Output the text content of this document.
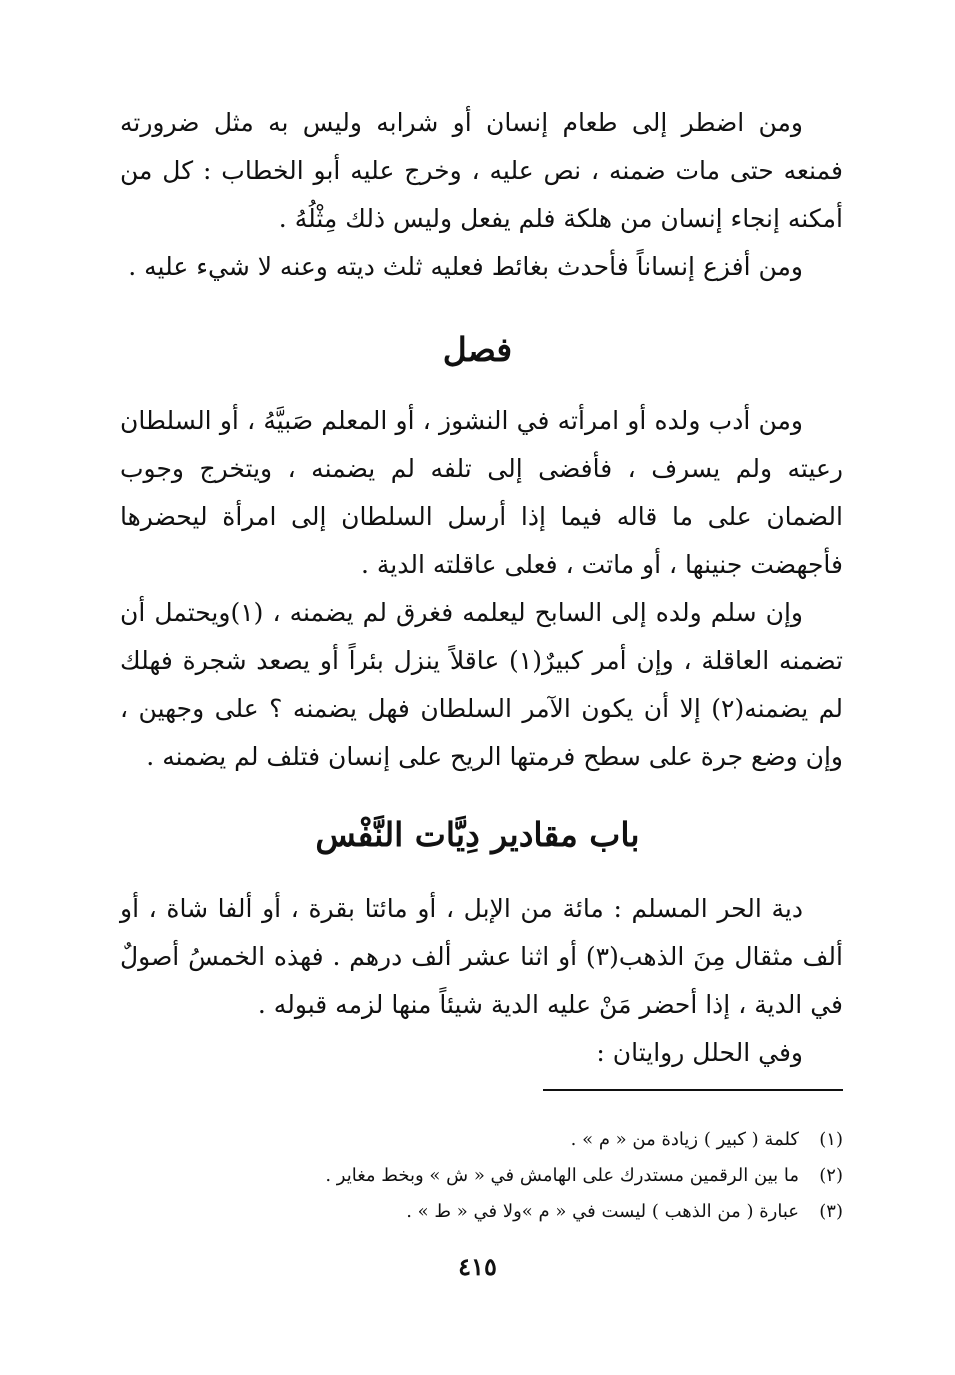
ومن اضطر إلى طعام إنسان أو شرابه وليس به مثل ضرورته فمنعه حتى مات ضمنه ، نص عليه ، وخرج عليه أبو الخطاب : كل من أمكنه إنجاء إنسان من هلكة فلم يفعل وليس ذلك مِثْلُهُ .

ومن أفزع إنساناً فأحدث بغائط فعليه ثلث ديته وعنه لا شيء عليه .

فصل

ومن أدب ولده أو امرأته في النشوز ، أو المعلم صَبيَّهُ ، أو السلطان رعيته ولم يسرف ، فأفضى إلى تلفه لم يضمنه ، ويتخرج وجوب الضمان على ما قاله فيما إذا أرسل السلطان إلى امرأة ليحضرها فأجهضت جنينها ، أو ماتت ، فعلى عاقلته الدية .

وإن سلم ولده إلى السابح ليعلمه فغرق لم يضمنه ، (١)ويحتمل أن تضمنه العاقلة ، وإن أمر كبيرٌ(١) عاقلاً ينزل بئراً أو يصعد شجرة فهلك لم يضمنه(٢) إلا أن يكون الآمر السلطان فهل يضمنه ؟ على وجهين ، وإن وضع جرة على سطح فرمتها الريح على إنسان فتلف لم يضمنه .

باب مقادير دِيَّات النَّفْس

دية الحر المسلم : مائة من الإبل ، أو مائتا بقرة ، أو ألفا شاة ، أو ألف مثقال مِنَ الذهب(٣) أو اثنا عشر ألف درهم . فهذه الخمسُ أصولٌ في الدية ، إذا أحضر مَنْ عليه الدية شيئاً منها لزمه قبوله .

وفي الحلل روايتان :

(١)كلمة ( كبير ) زيادة من « م » .
(٢)ما بين الرقمين مستدرك على الهامش في « ش » وبخط مغاير .
(٣)عبارة ( من الذهب ) ليست في « م »ولا في « ط » .
٤١٥
